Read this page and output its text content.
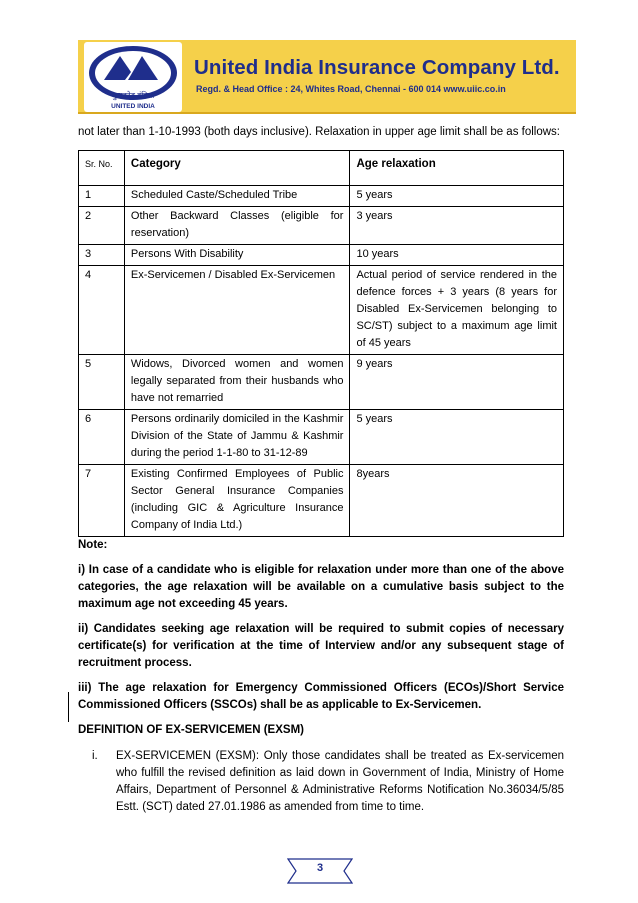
युनाइटेड इंडिया
UNITED INDIA
United India Insurance Company Ltd.
Regd. & Head Office : 24, Whites Road, Chennai - 600 014 www.uiic.co.in

not later than 1-10-1993 (both days inclusive). Relaxation in upper age limit shall be as follows:

Sr. No.	Category	Age relaxation
1	Scheduled Caste/Scheduled Tribe	5 years
2	Other Backward Classes (eligible for reservation)	3 years
3	Persons With Disability	10 years
4	Ex-Servicemen / Disabled Ex-Servicemen	Actual period of service rendered in the defence forces + 3 years (8 years for Disabled Ex-Servicemen belonging to SC/ST) subject to a maximum age limit of 45 years
5	Widows, Divorced women and women legally separated from their husbands who have not remarried	9 years
6	Persons ordinarily domiciled in the Kashmir Division of the State of Jammu & Kashmir during the period 1-1-80 to 31-12-89	5 years
7	Existing Confirmed Employees of Public Sector General Insurance Companies (including GIC & Agriculture Insurance Company of India Ltd.)	8years

Note:

i) In case of a candidate who is eligible for relaxation under more than one of the above categories, the age relaxation will be available on a cumulative basis subject to the maximum age not exceeding 45 years.

ii) Candidates seeking age relaxation will be required to submit copies of necessary certificate(s) for verification at the time of Interview and/or any subsequent stage of recruitment process.

iii) The age relaxation for Emergency Commissioned Officers (ECOs)/Short Service Commissioned Officers (SSCOs) shall be as applicable to Ex-Servicemen.

DEFINITION OF EX-SERVICEMEN (EXSM)

i. EX-SERVICEMEN (EXSM): Only those candidates shall be treated as Ex-servicemen who fulfill the revised definition as laid down in Government of India, Ministry of Home Affairs, Department of Personnel & Administrative Reforms Notification No.36034/5/85 Estt. (SCT) dated 27.01.1986 as amended from time to time.
3
